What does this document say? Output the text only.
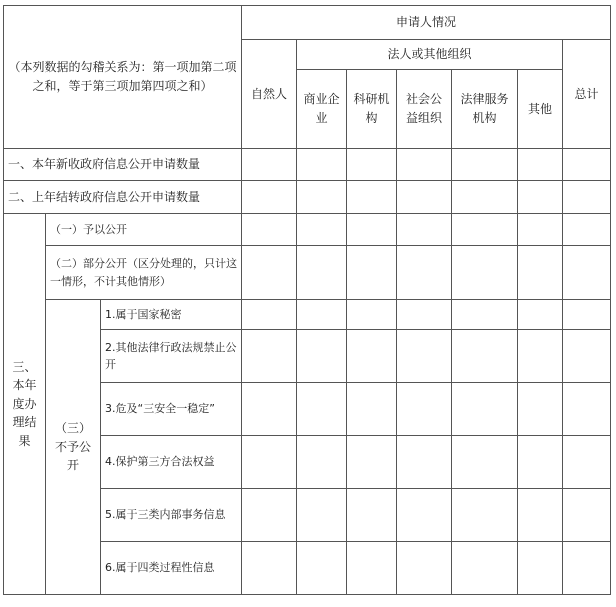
（本列数据的勾稽关系为：第一项加第二项之和，等于第三项加第四项之和）			申请人情况						
			自然人	法人或其他组织					总计
				商业企业	科研机构	社会公益组织	法律服务机构	其他	
一、本年新收政府信息公开申请数量									
二、上年结转政府信息公开申请数量									
三、本年度办理结果	（一）予以公开								
	（二）部分公开（区分处理的，只计这一情形，不计其他情形）								
	（三）不予公开	1.属于国家秘密							
		2.其他法律行政法规禁止公开							
		3.危及“三安全一稳定”							
		4.保护第三方合法权益							
		5.属于三类内部事务信息							
		6.属于四类过程性信息							
